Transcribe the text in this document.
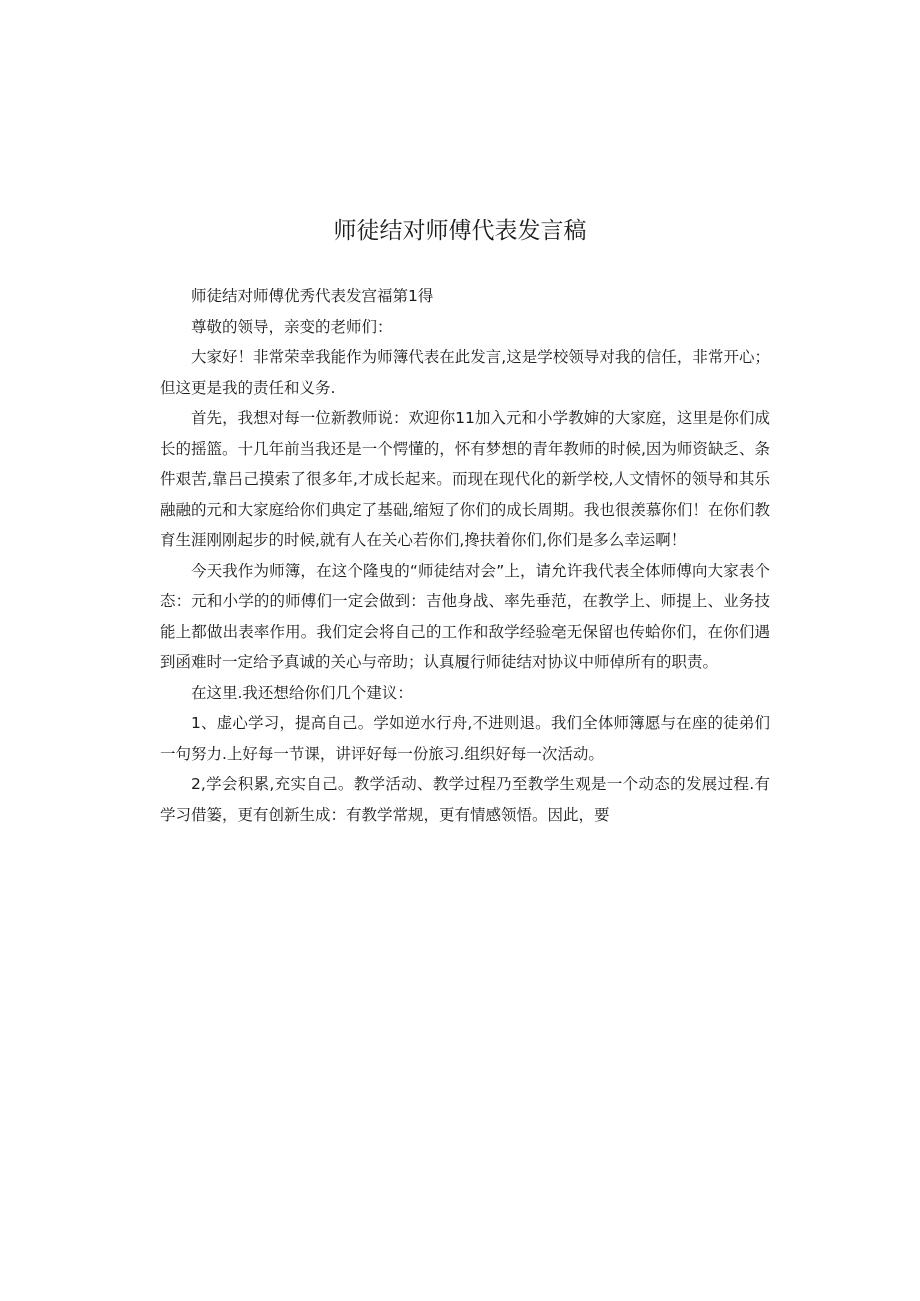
师徒结对师傅代表发言稿

师徒结对师傅优秀代表发宫福第1得

尊敬的领导，亲变的老师们：

大家好！非常荣幸我能作为师簿代表在此发言,这是学校领导对我的信任，非常开心；但这更是我的责任和义务.

首先，我想对每一位新教师说：欢迎你11加入元和小学教婶的大家庭，这里是你们成长的摇篮。十几年前当我还是一个愕懂的，怀有梦想的青年教师的时候,因为师资缺乏、条件艰苦,靠吕己摸索了很多年,才成长起来。而现在现代化的新学校,人文情怀的领导和其乐融融的元和大家庭给你们典定了基础,缩短了你们的成长周期。我也很羡慕你们！在你们教育生涯刚刚起步的时候,就有人在关心若你们,搀扶着你们,你们是多么幸运啊！

今天我作为师簿，在这个隆曳的“师徒结对会”上，请允许我代表全体师傅向大家表个态：元和小学的的师傅们一定会做到：吉他身战、率先垂范，在教学上、师提上、业务技能上都做出表率作用。我们定会将自己的工作和敌学经验亳无保留也传蛤你们，在你们遇到函难时一定给予真诚的关心与帝助；认真履行师徒结对协议中师倬所有的职责。

在这里.我还想给你们几个建议：

1、虚心学习，提高自己。学如逆水行舟,不进则退。我们全体师簿愿与在座的徒弟们一句努力.上好每一节课，讲评好每一份旅习.组织好每一次活动。

2,学会积累,充实自己。教学活动、教学过程乃至教学生观是一个动态的发展过程.有学习借篓，更有创新生成：有教学常规，更有情感领悟。因此，要
